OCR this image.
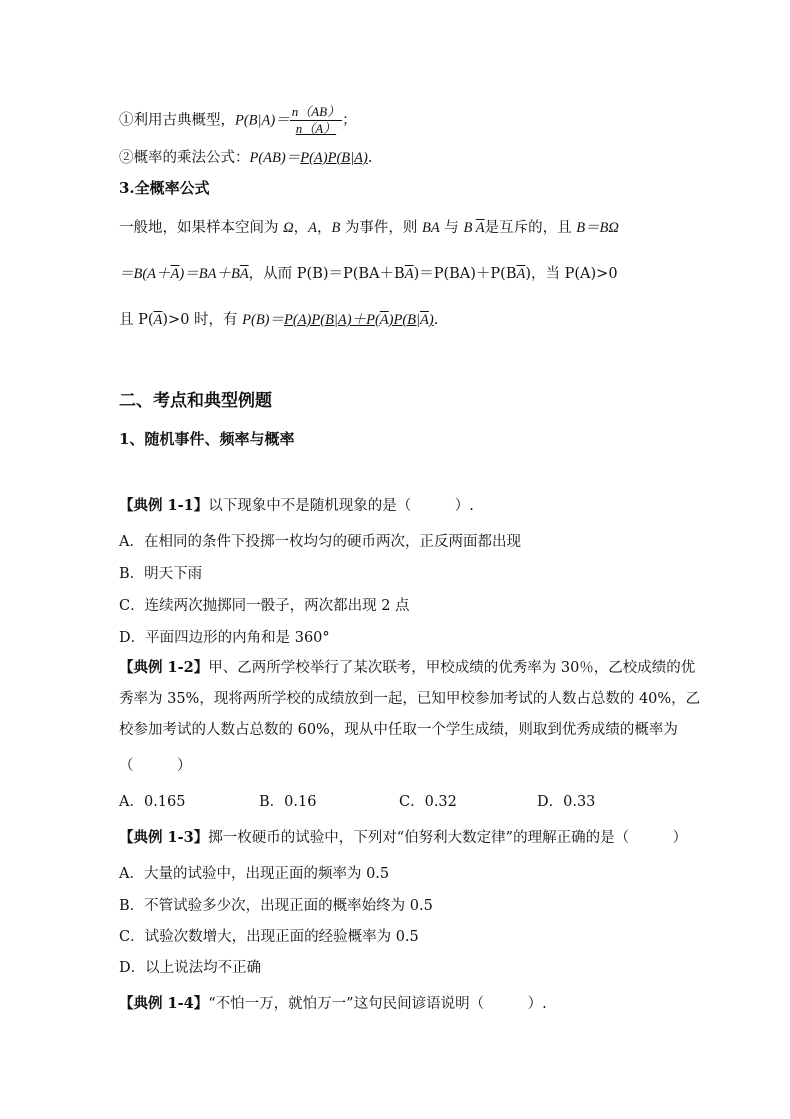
①利用古典概型，$P(B|A)= \frac{n(AB)}{n(A)}$ ；
②概率的乘法公式：P(AB)＝P(A)P(B|A).
3.全概率公式
一般地，如果样本空间为 Ω，A，B 为事件，则 BA 与 B $\overline{A}$是互斥的，且 B＝BΩ
$=B(A+\overline{A})=BA+B\overline{A}$，从而 $P(B)=P(BA+B\overline{A})=P(BA)+P(B\overline{A})$，当 P(A)>0
且 $P(\overline{A})>0$ 时，有 $P(B)=P(A)P(B|A)+P(\overline{A})P(B|\overline{A})$.
二、考点和典型例题
1、随机事件、频率与概率
【典例 1-1】以下现象中不是随机现象的是（　　　）.
A．在相同的条件下投掷一枚均匀的硬币两次，正反两面都出现
B．明天下雨
C．连续两次抛掷同一骰子，两次都出现 2 点
D．平面四边形的内角和是 360°
【典例 1-2】甲、乙两所学校举行了某次联考，甲校成绩的优秀率为 30％，乙校成绩的优
秀率为 35%，现将两所学校的成绩放到一起，已知甲校参加考试的人数占总数的 40%，乙
校参加考试的人数占总数的 60%，现从中任取一个学生成绩，则取到优秀成绩的概率为
（　　　）
A．0.165	B．0.16	C．0.32	D．0.33
【典例 1-3】掷一枚硬币的试验中，下列对“伯努利大数定律”的理解正确的是（　　　）
A．大量的试验中，出现正面的频率为 0.5
B．不管试验多少次，出现正面的概率始终为 0.5
C．试验次数增大，出现正面的经验概率为 0.5
D．以上说法均不正确
【典例 1-4】“不怕一万，就怕万一”这句民间谚语说明（　　　）.
